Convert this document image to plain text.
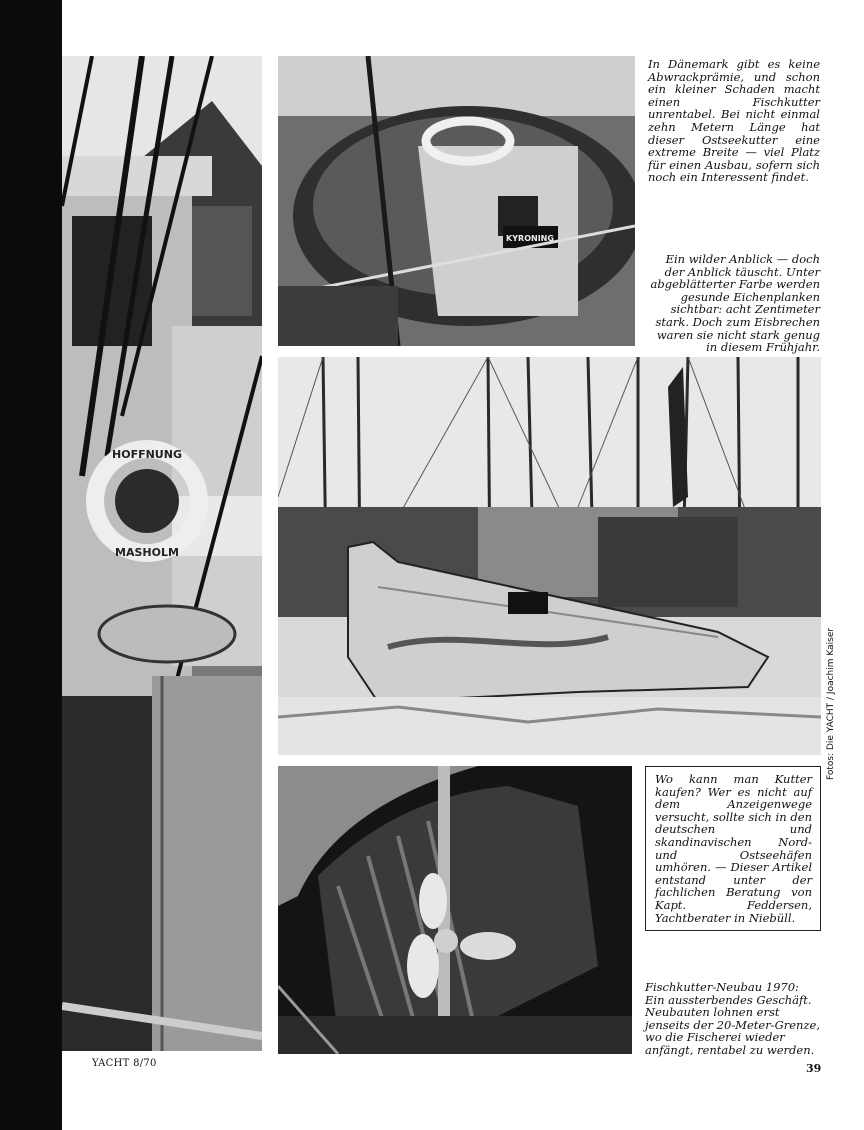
HOFFNUNG
MASHOLM
KYRONING

In Dänemark gibt es keine Abwrackprämie, und schon ein kleiner Schaden macht einen Fischkutter unrentabel. Bei nicht einmal zehn Metern Länge hat dieser Ostseekutter eine extreme Breite — viel Platz für einen Ausbau, sofern sich noch ein Interessent findet.

Ein wilder Anblick — doch der Anblick täuscht. Unter abgeblätterter Farbe werden gesunde Eichenplanken sichtbar: acht Zentimeter stark. Doch zum Eisbrechen waren sie nicht stark genug in diesem Frühjahr.

Wo kann man Kutter kaufen? Wer es nicht auf dem Anzeigenwege versucht, sollte sich in den deutschen und skandinavischen Nord- und Ostseehäfen umhören. — Dieser Artikel entstand unter der fachlichen Beratung von Kapt. Feddersen, Yachtberater in Niebüll.

Fischkutter-Neubau 1970: Ein aussterbendes Geschäft. Neubauten lohnen erst jenseits der 20-Meter-Grenze, wo die Fischerei wieder anfängt, rentabel zu werden.

Fotos: Die YACHT / Joachim Kaiser
YACHT 8/70	39
